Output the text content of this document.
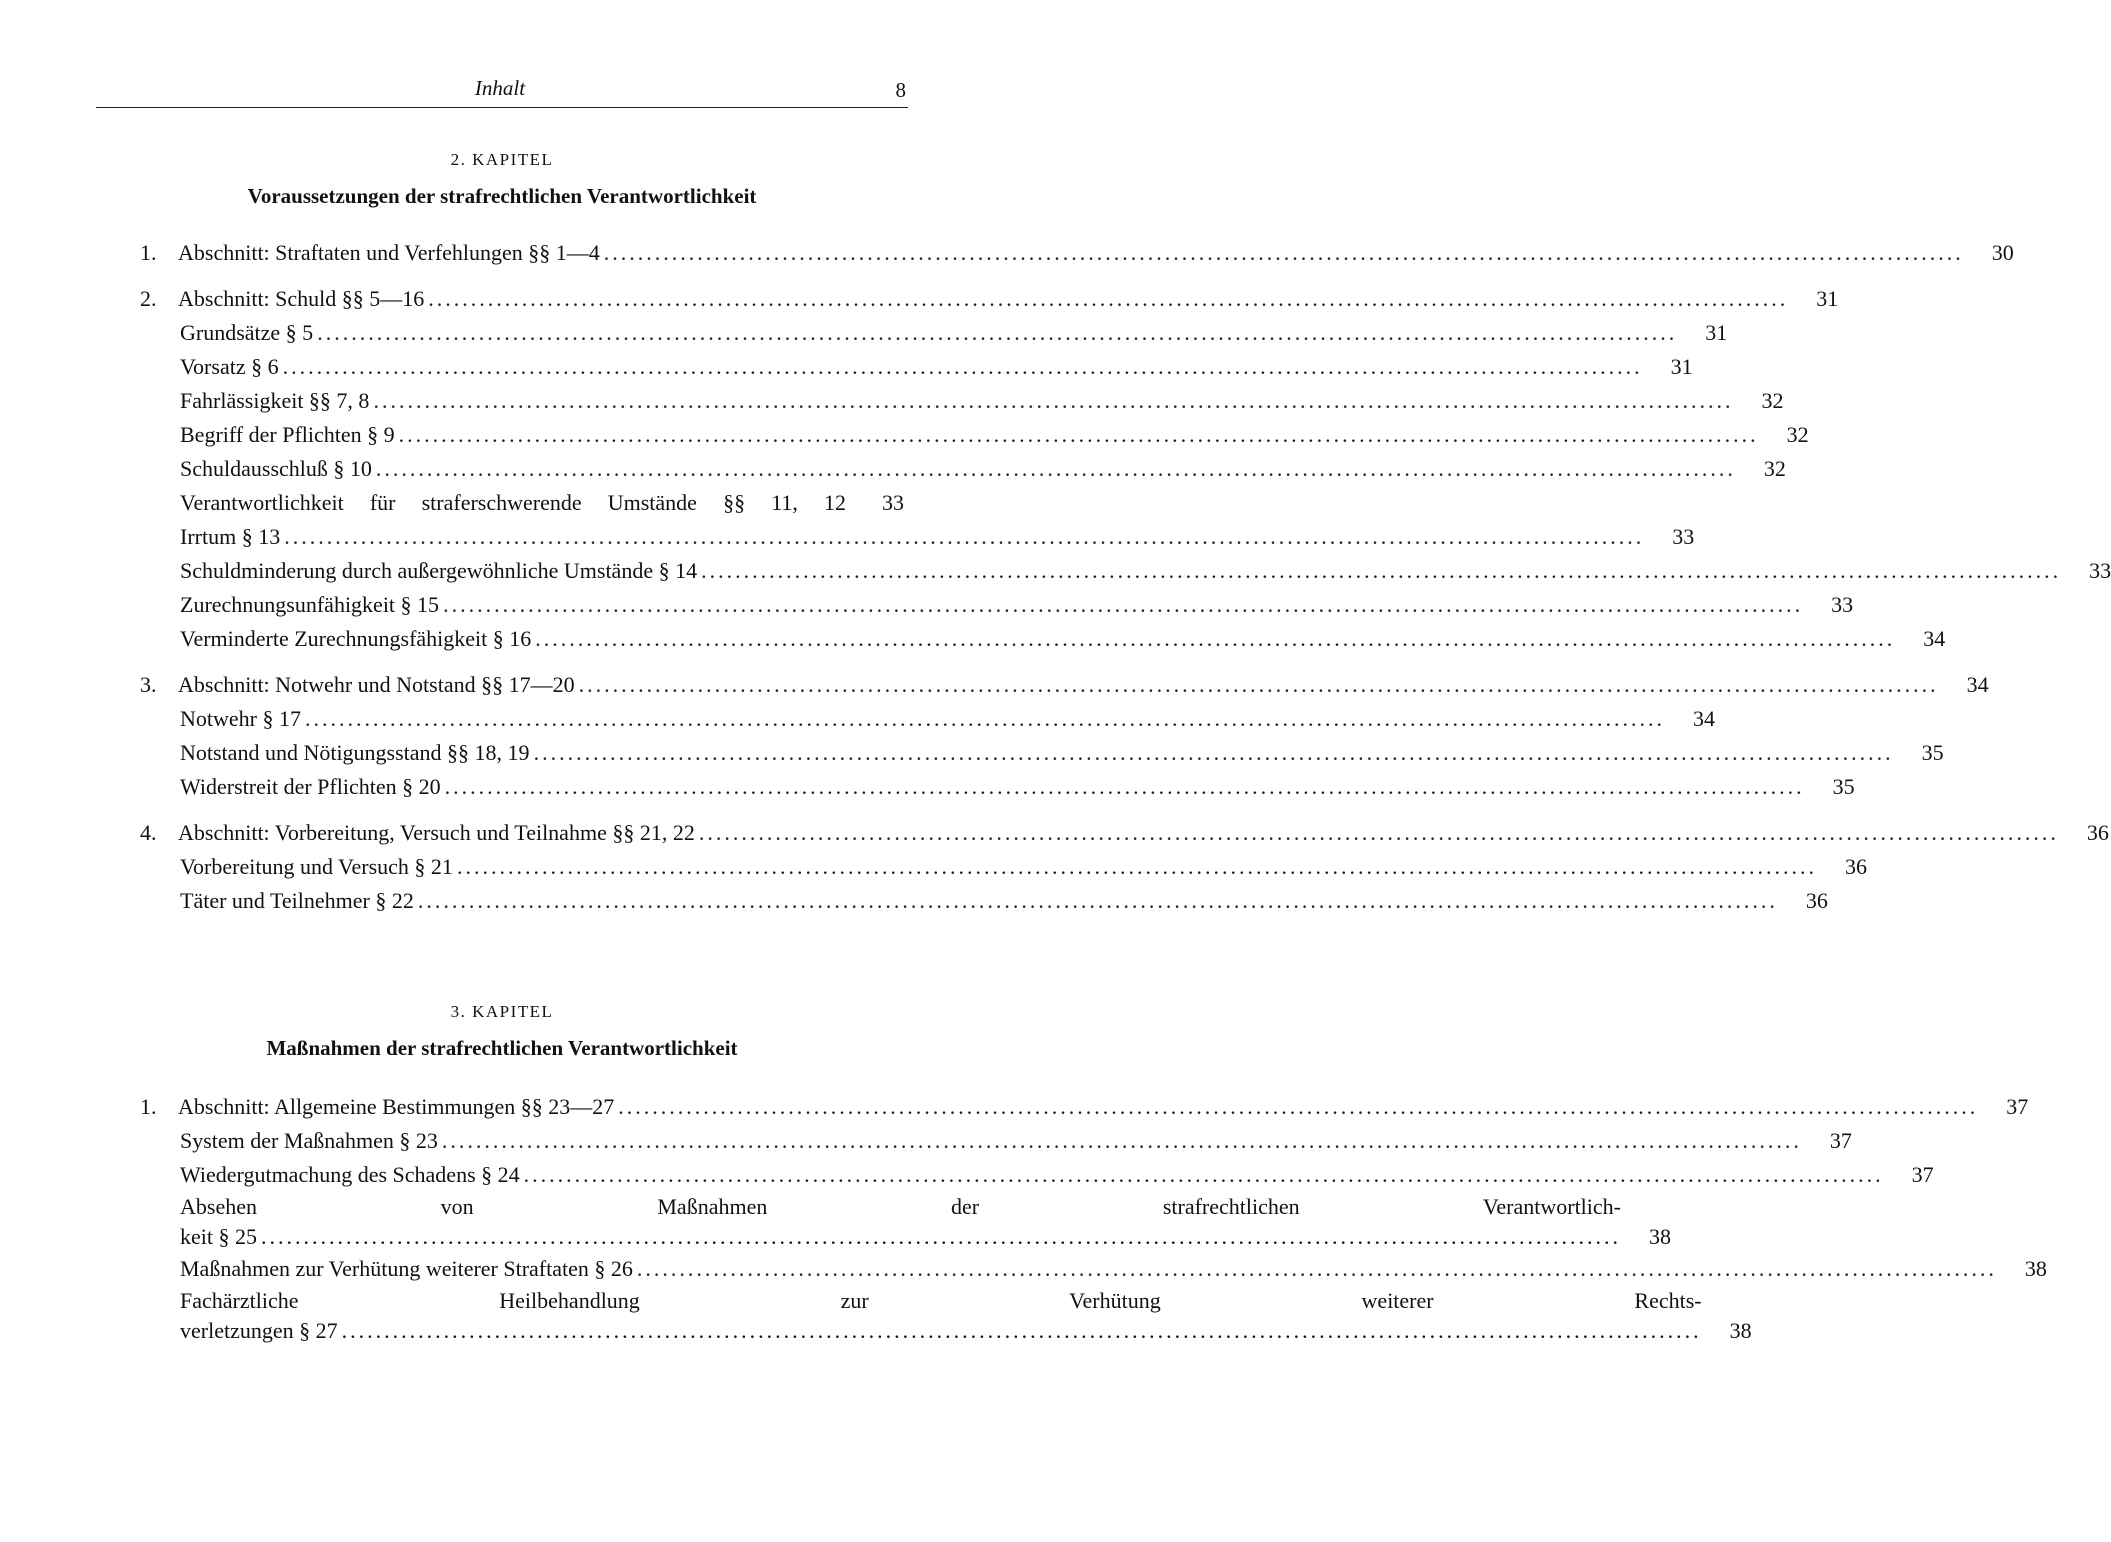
Inhalt	8
2. KAPITEL
Voraussetzungen der strafrechtlichen Verantwortlichkeit
1. Abschnitt: Straftaten und Verfehlungen §§ 1—4 .....	30
2. Abschnitt: Schuld §§ 5—16 .....	31
Grundsätze § 5 .....	31
Vorsatz § 6 .....	31
Fahrlässigkeit §§ 7, 8 .....	32
Begriff der Pflichten § 9 .....	32
Schuldausschluß § 10 .....	32
Verantwortlichkeit für straferschwerende Umstände §§ 11, 12	33
Irrtum § 13 .....	33
Schuldminderung durch außergewöhnliche Umstände § 14 .....	33
Zurechnungsunfähigkeit § 15 .....	33
Verminderte Zurechnungsfähigkeit § 16 .....	34
3. Abschnitt: Notwehr und Notstand §§ 17—20 .....	34
Notwehr § 17 .....	34
Notstand und Nötigungsstand §§ 18, 19 .....	35
Widerstreit der Pflichten § 20 .....	35
4. Abschnitt: Vorbereitung, Versuch und Teilnahme §§ 21, 22 .....	36
Vorbereitung und Versuch § 21 .....	36
Täter und Teilnehmer § 22 .....	36
3. KAPITEL
Maßnahmen der strafrechtlichen Verantwortlichkeit
1. Abschnitt: Allgemeine Bestimmungen §§ 23—27 .....	37
System der Maßnahmen § 23 .....	37
Wiedergutmachung des Schadens § 24 .....	37
Absehen von Maßnahmen der strafrechtlichen Verantwortlich-
keit § 25 .....	38
Maßnahmen zur Verhütung weiterer Straftaten § 26 .....	38
Fachärztliche Heilbehandlung zur Verhütung weiterer Rechts-
verletzungen § 27 .....	38
